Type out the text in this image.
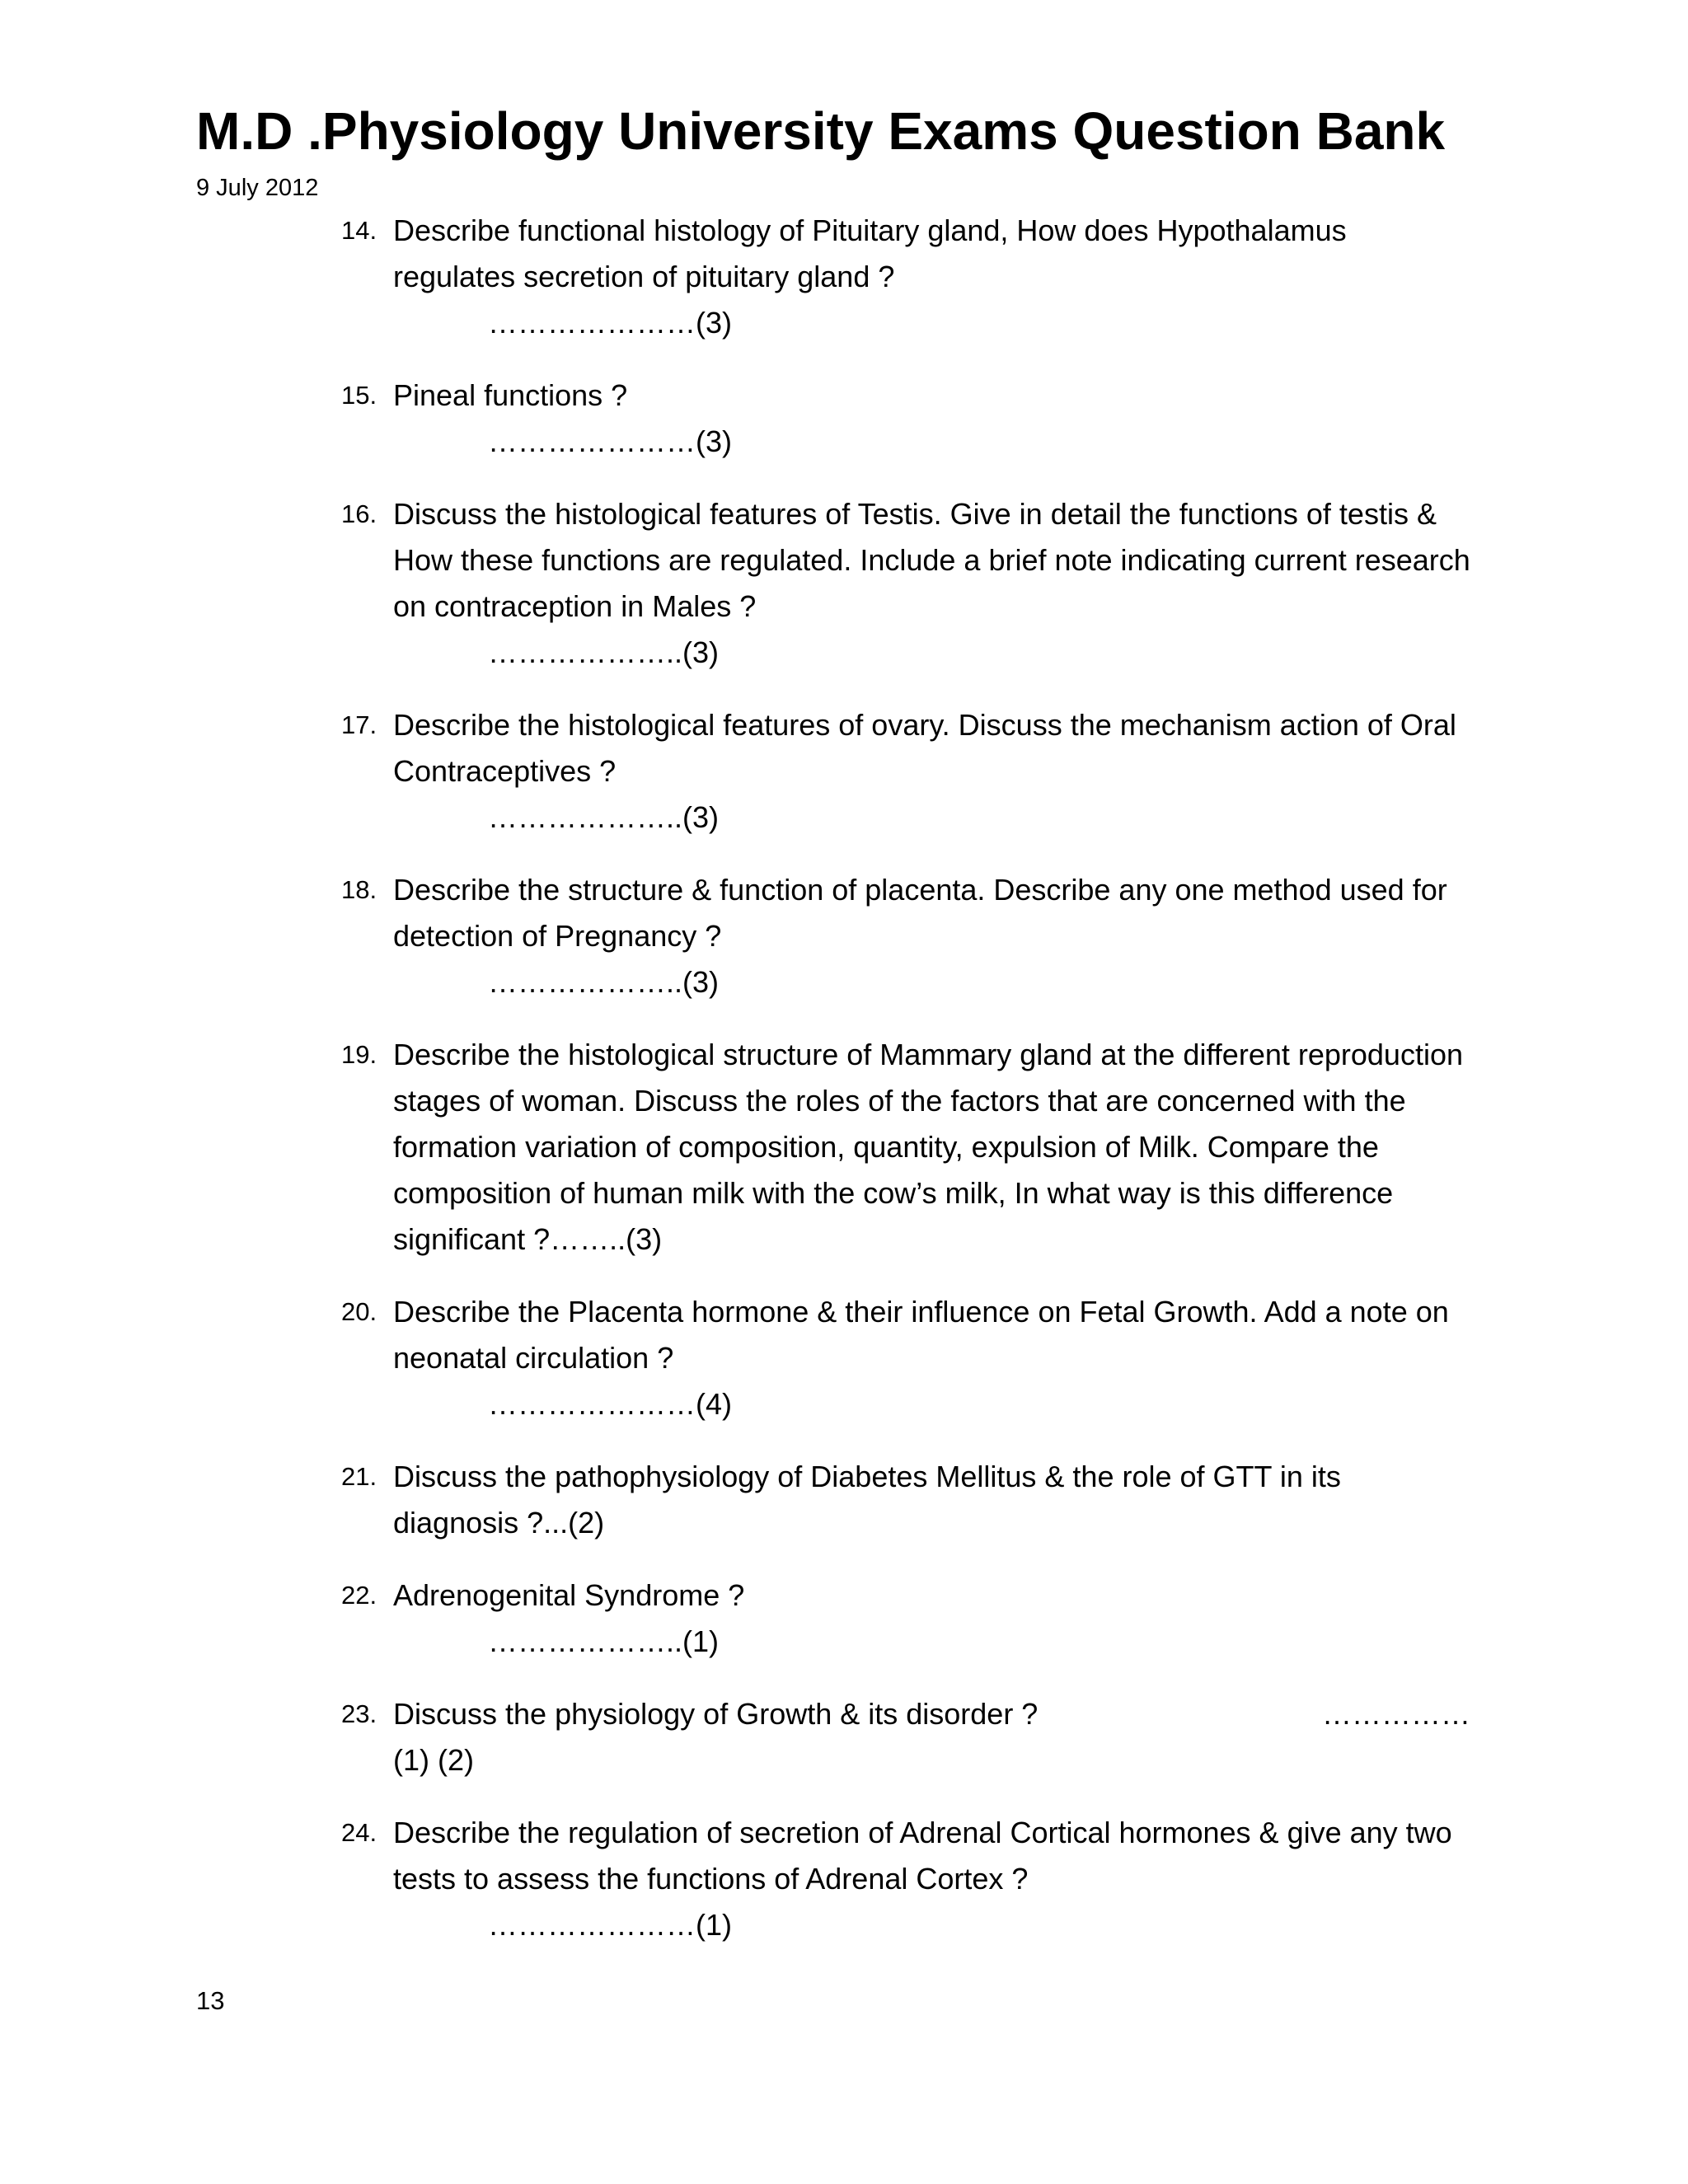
M.D .Physiology University Exams Question Bank
9 July 2012
14. Describe functional histology of Pituitary gland, How does Hypothalamus regulates secretion of pituitary gland ?
…………………(3)
15. Pineal functions ?
…………………(3)
16. Discuss the histological features of Testis. Give in detail the functions of testis & How these functions are regulated. Include a brief note indicating current research on contraception in Males ?
………………..(3)
17. Describe the histological features of ovary. Discuss the mechanism action of Oral Contraceptives ?
………………..(3)
18. Describe the structure & function of placenta. Describe any one method used for detection of Pregnancy ?
………………..(3)
19. Describe the histological structure of Mammary gland at the different reproduction stages of woman. Discuss the roles of the factors that are concerned with the formation variation of composition, quantity, expulsion of Milk. Compare the composition of human milk with the cow’s milk, In what way is this difference significant ?……..(3)
20. Describe the Placenta hormone & their influence on Fetal Growth. Add a note on neonatal circulation ?
…………………(4)
21. Discuss the pathophysiology of Diabetes Mellitus & the role of GTT in its diagnosis ?...(2)
22. Adrenogenital Syndrome ?
………………..(1)
23. Discuss the physiology of Growth & its disorder ?	……………
(1) (2)
24. Describe the regulation of secretion of Adrenal Cortical hormones & give any two tests to assess the functions of Adrenal Cortex ?
…………………(1)
13
